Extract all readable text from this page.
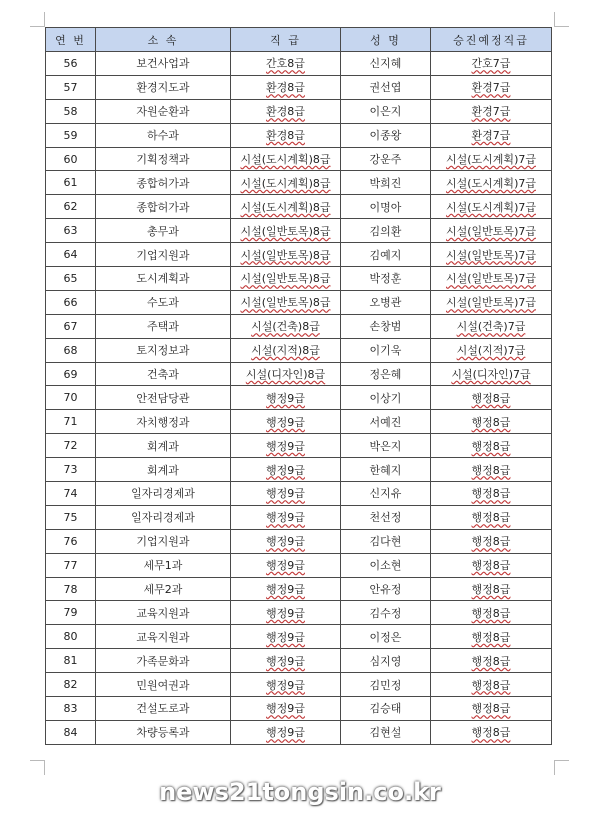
연 번	소 속	직 급	성 명	승진예정직급
56	보건사업과	간호8급	신지혜	간호7급
57	환경지도과	환경8급	권선엽	환경7급
58	자원순환과	환경8급	이은지	환경7급
59	하수과	환경8급	이종왕	환경7급
60	기획정책과	시설(도시계획)8급	강운주	시설(도시계획)7급
61	종합허가과	시설(도시계획)8급	박희진	시설(도시계획)7급
62	종합허가과	시설(도시계획)8급	이명아	시설(도시계획)7급
63	총무과	시설(일반토목)8급	김의환	시설(일반토목)7급
64	기업지원과	시설(일반토목)8급	김예지	시설(일반토목)7급
65	도시계획과	시설(일반토목)8급	박정훈	시설(일반토목)7급
66	수도과	시설(일반토목)8급	오병관	시설(일반토목)7급
67	주택과	시설(건축)8급	손창범	시설(건축)7급
68	토지정보과	시설(지적)8급	이기욱	시설(지적)7급
69	건축과	시설(디자인)8급	정은혜	시설(디자인)7급
70	안전담당관	행정9급	이상기	행정8급
71	자치행정과	행정9급	서예진	행정8급
72	회계과	행정9급	박은지	행정8급
73	회계과	행정9급	한혜지	행정8급
74	일자리경제과	행정9급	신지유	행정8급
75	일자리경제과	행정9급	천선정	행정8급
76	기업지원과	행정9급	김다현	행정8급
77	세무1과	행정9급	이소현	행정8급
78	세무2과	행정9급	안유정	행정8급
79	교육지원과	행정9급	김수정	행정8급
80	교육지원과	행정9급	이정은	행정8급
81	가족문화과	행정9급	심지영	행정8급
82	민원여권과	행정9급	김민정	행정8급
83	건설도로과	행정9급	김승태	행정8급
84	차량등록과	행정9급	김현설	행정8급
news21tongsin.co.kr
